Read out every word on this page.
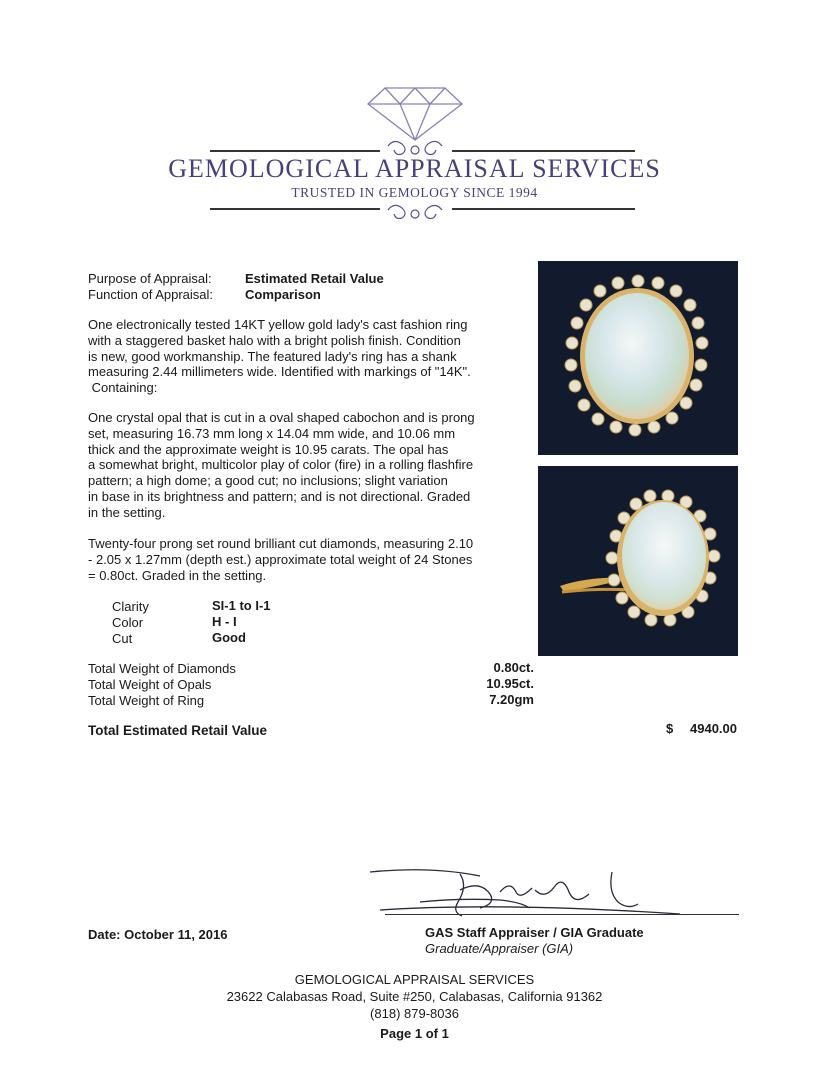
GEMOLOGICAL APPRAISAL SERVICES
TRUSTED IN GEMOLOGY SINCE 1994
Purpose of Appraisal:	Estimated Retail Value
Function of Appraisal: Comparison
One electronically tested 14KT yellow gold lady's cast fashion ring
with a staggered basket halo with a bright polish finish. Condition
is new, good workmanship. The featured lady's ring has a shank
measuring 2.44 millimeters wide. Identified with markings of "14K".
Containing:
One crystal opal that is cut in a oval shaped cabochon and is prong
set, measuring 16.73 mm long x 14.04 mm wide, and 10.06 mm
thick and the approximate weight is 10.95 carats. The opal has
a somewhat bright, multicolor play of color (fire) in a rolling flashfire
pattern; a high dome; a good cut; no inclusions; slight variation
in base in its brightness and pattern; and is not directional. Graded
in the setting.
Twenty-four prong set round brilliant cut diamonds, measuring 2.10
- 2.05 x 1.27mm (depth est.) approximate total weight of 24 Stones
= 0.80ct. Graded in the setting.
Clarity	SI-1 to I-1
Color	H - I
Cut	Good
Total Weight of Diamonds	0.80ct.
Total Weight of Opals	10.95ct.
Total Weight of Ring	7.20gm
Total Estimated Retail Value	$ 4940.00
Date: October 11, 2016	GAS Staff Appraiser / GIA Graduate
Graduate/Appraiser (GIA)
GEMOLOGICAL APPRAISAL SERVICES
23622 Calabasas Road, Suite #250, Calabasas, California 91362
(818) 879-8036
Page 1 of 1
